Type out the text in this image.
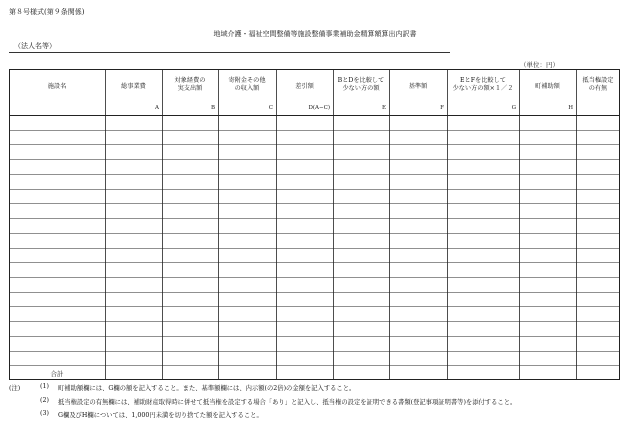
第８号様式(第９条関係)
地域介護・福祉空間整備等施設整備事業補助金精算額算出内訳書
（法人名等）
（単位：円）
施設名	総事業費
A
対象経費の
実支出額
B
寄附金その他
の収入額
C
差引額
D(A−C)
BとDを比較して
少ない方の額
E
基準額
F
EとFを比較して
少ない方の額×１／２
G
町補助額
H
抵当権設定
の有無
合計
(注)	(1) 町補助額欄には、G欄の額を記入すること。また、基準額欄には、内示額(の2倍)の金額を記入すること。
(2) 抵当権設定の有無欄には、補助財産取得時に併せて抵当権を設定する場合「あり」と記入し、抵当権の設定を証明できる書類(登記事項証明書等)を添付すること。
(3) G欄及びH欄については、1,000円未満を切り捨てた額を記入すること。
